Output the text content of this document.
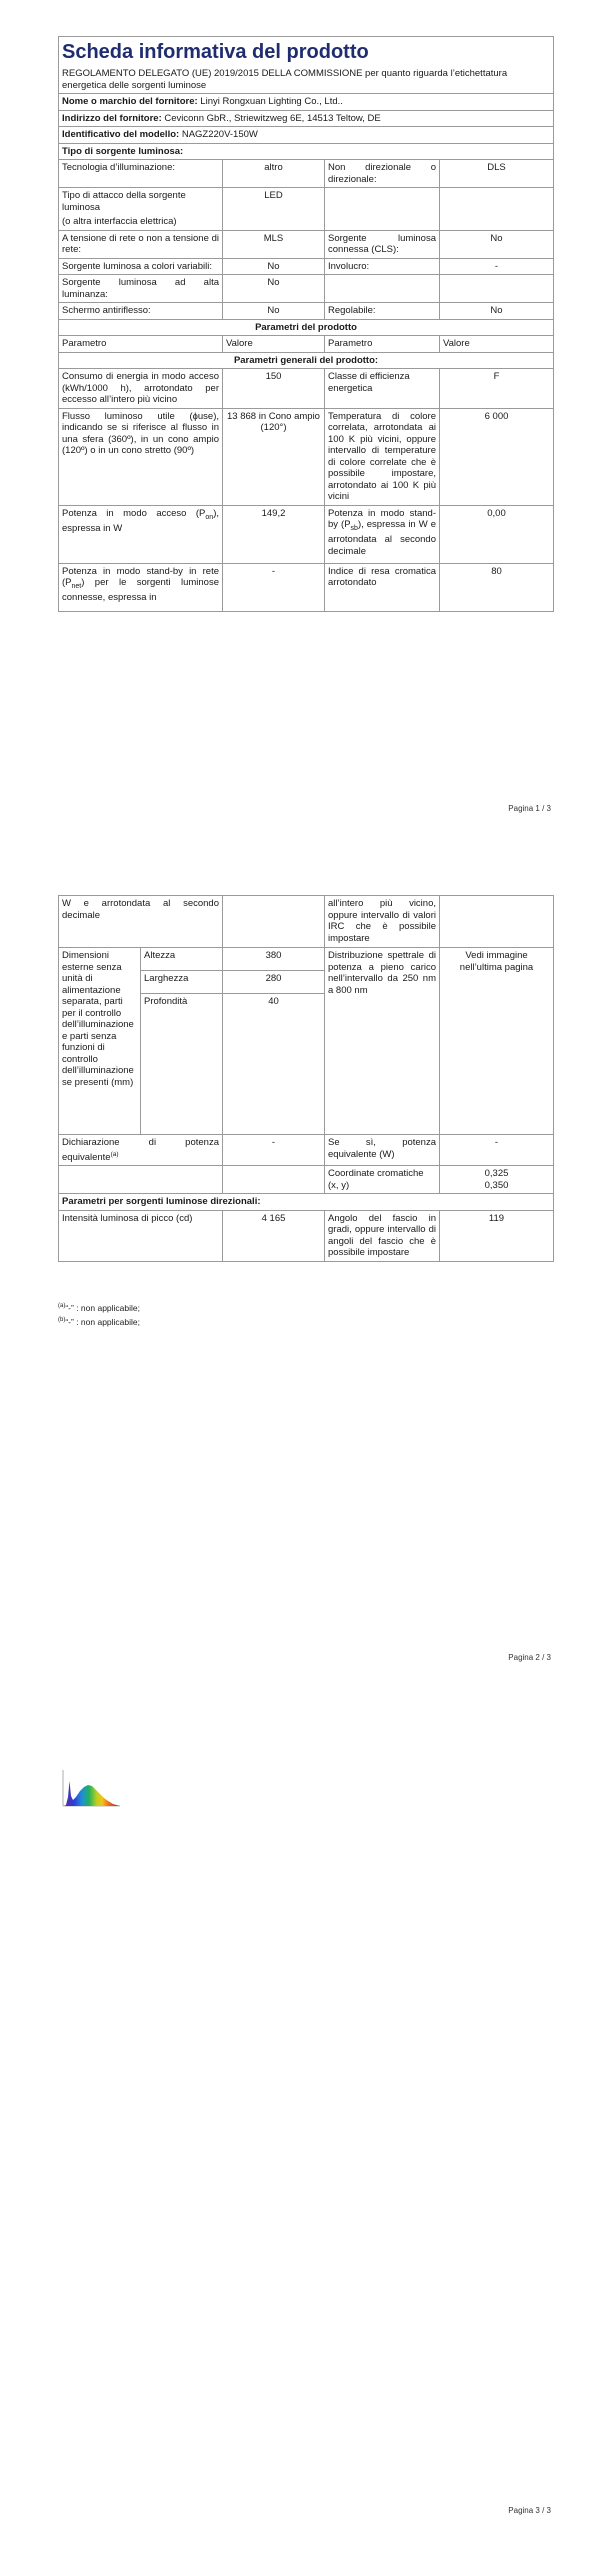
Scheda informativa del prodotto			
REGOLAMENTO DELEGATO (UE) 2019/2015 DELLA COMMISSIONE per quanto riguarda l’etichettatura energetica delle sorgenti luminose			
Nome o marchio del fornitore: Linyi Rongxuan Lighting Co., Ltd..			
Indirizzo del fornitore: Ceviconn GbR., Striewitzweg 6E, 14513 Teltow, DE			
Identificativo del modello: NAGZ220V-150W			
Tipo di sorgente luminosa:			
Tecnologia d’illuminazione:	altro	Non direzionale o direzionale:	DLS

Tipo di attacco della sorgente luminosa
(o altra interfaccia elettrica)	LED		
A tensione di rete o non a tensione di rete:	MLS	Sorgente luminosa connessa (CLS):	No
Sorgente luminosa a colori variabili:	No	Involucro:	-
Sorgente luminosa ad alta luminanza:	No		
Schermo antiriflesso:	No	Regolabile:	No
Parametri del prodotto			
Parametro	Valore	Parametro	Valore
Parametri generali del prodotto:			
Consumo di energia in modo acceso (kWh/1000 h), arrotondato per eccesso all’intero più vicino	150	Classe di efficienza energetica	F
Flusso luminoso utile (ɸuse), indicando se si riferisce al flusso in una sfera (360º), in un cono ampio (120º) o in un cono stretto (90º)	13 868 in Cono ampio (120°)	Temperatura di colore correlata, arrotondata ai 100 K più vicini, oppure intervallo di temperature di colore correlate che è possibile impostare, arrotondato ai 100 K più vicini	6 000
Potenza in modo acceso $(P_{on})$, espressa in W	149,2	Potenza in modo stand-by $(P_{sb})$, espressa in W e arrotondata al secondo decimale	0,00
Potenza in modo stand-by in rete $(P_{net})$ per le sorgenti luminose connesse, espressa in	-	Indice di resa cromatica arrotondato	80
Pagina 1 / 3
W e arrotondata al secondo decimale			all’intero più vicino, oppure intervallo di valori IRC che è possibile impostare	
Dimensioni esterne senza unità di alimentazione separata, parti per il controllo dell’illuminazione e parti senza funzioni di controllo dell’illuminazione se presenti (mm)	Altezza	380	Distribuzione spettrale di potenza a pieno carico nell’intervallo da 250 nm a 800 nm	Vedi immagine nell’ultima pagina
	Larghezza	280		
	Profondità	40		
Dichiarazione di potenza equivalente$^{(a)}$		-	Se sì, potenza equivalente (W)	-
			Coordinate cromatiche (x, y)	0,325
0,350

Parametri per sorgenti luminose direzionali:				
Intensità luminosa di picco (cd)		4 165	Angolo del fascio in gradi, oppure intervallo di angoli del fascio che è possibile impostare	119
$^{(a)}$“-” : non applicabile;
$^{(b)}$“-” : non applicabile;
Pagina 2 / 3
Pagina 3 / 3
